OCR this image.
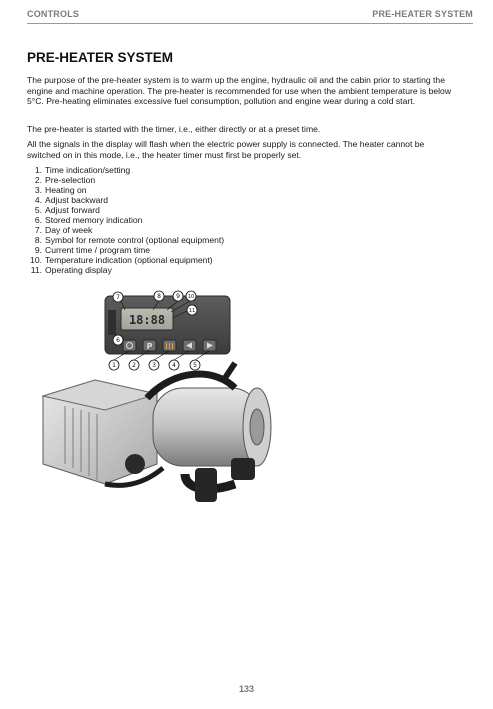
CONTROLS	PRE-HEATER SYSTEM
PRE-HEATER SYSTEM

The purpose of the pre-heater system is to warm up the engine, hydraulic oil and the cabin prior to starting the engine and machine operation. The pre-heater is recommended for use when the ambient temperature is below 5°C. Pre-heating eliminates excessive fuel consumption, pollution and engine wear during a cold start.

The pre-heater is started with the timer, i.e., either directly or at a preset time.

All the signals in the display will flash when the electric power supply is connected. The heater cannot be switched on in this mode, i.e., the heater timer must first be properly set.

1. Time indication/setting
2. Pre-selection
3. Heating on
4. Adjust backward
5. Adjust forward
6. Stored memory indication
7. Day of week
8. Symbol for remote control (optional equipment)
9. Current time / program time
10. Temperature indication (optional equipment)
11. Operating display
18:88
P
7	8	9 10
11
6
1	2	3	4	5
133
